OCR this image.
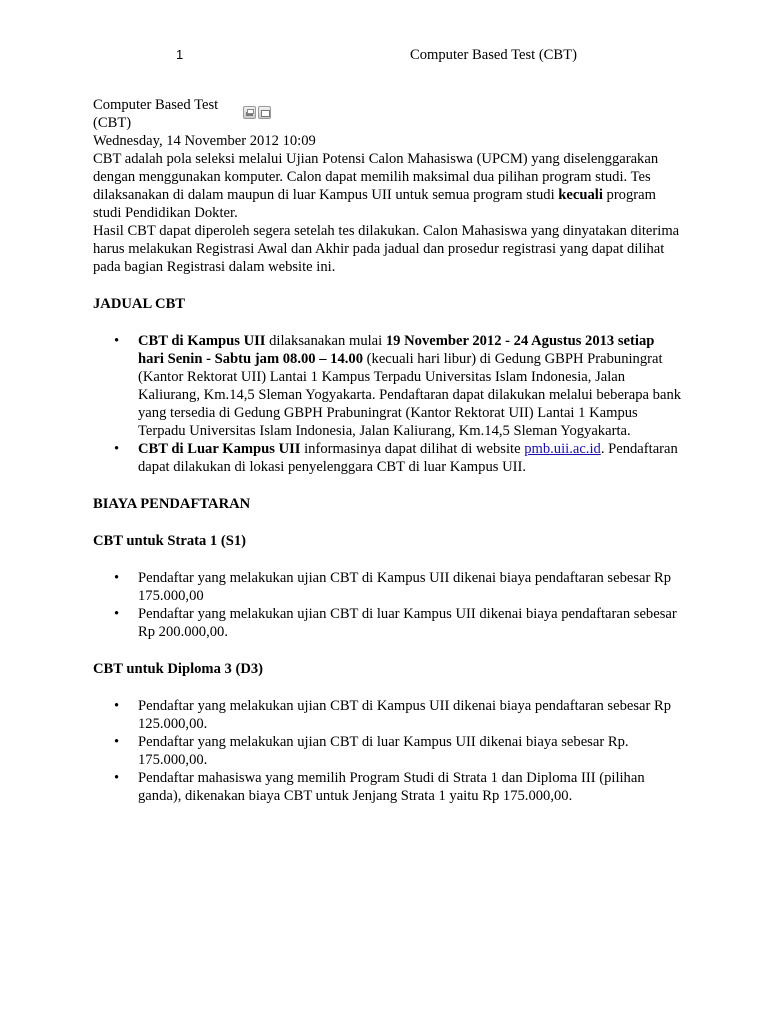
1	Computer Based Test (CBT)
Computer Based Test (CBT)

Wednesday, 14 November 2012 10:09

CBT adalah pola seleksi melalui Ujian Potensi Calon Mahasiswa (UPCM) yang diselenggarakan dengan menggunakan komputer. Calon dapat memilih maksimal dua pilihan program studi. Tes dilaksanakan di dalam maupun di luar Kampus UII untuk semua program studi kecuali program studi Pendidikan Dokter.

Hasil CBT dapat diperoleh segera setelah tes dilakukan. Calon Mahasiswa yang dinyatakan diterima harus melakukan Registrasi Awal dan Akhir pada jadual dan prosedur registrasi yang dapat dilihat pada bagian Registrasi dalam website ini.

JADUAL CBT

• CBT di Kampus UII dilaksanakan mulai 19 November 2012 - 24 Agustus 2013 setiap hari Senin - Sabtu jam 08.00 – 14.00 (kecuali hari libur) di Gedung GBPH Prabuningrat (Kantor Rektorat UII) Lantai 1 Kampus Terpadu Universitas Islam Indonesia, Jalan Kaliurang, Km.14,5 Sleman Yogyakarta. Pendaftaran dapat dilakukan melalui beberapa bank yang tersedia di Gedung GBPH Prabuningrat (Kantor Rektorat UII) Lantai 1 Kampus Terpadu Universitas Islam Indonesia, Jalan Kaliurang, Km.14,5 Sleman Yogyakarta.
• CBT di Luar Kampus UII informasinya dapat dilihat di website pmb.uii.ac.id. Pendaftaran dapat dilakukan di lokasi penyelenggara CBT di luar Kampus UII.

BIAYA PENDAFTARAN

CBT untuk Strata 1 (S1)

• Pendaftar yang melakukan ujian CBT di Kampus UII dikenai biaya pendaftaran sebesar Rp 175.000,00
• Pendaftar yang melakukan ujian CBT di luar Kampus UII dikenai biaya pendaftaran sebesar Rp 200.000,00.

CBT untuk Diploma 3 (D3)

• Pendaftar yang melakukan ujian CBT di Kampus UII dikenai biaya pendaftaran sebesar Rp 125.000,00.
• Pendaftar yang melakukan ujian CBT di luar Kampus UII dikenai biaya sebesar Rp. 175.000,00.
• Pendaftar mahasiswa yang memilih Program Studi di Strata 1 dan Diploma III (pilihan ganda), dikenakan biaya CBT untuk Jenjang Strata 1 yaitu Rp 175.000,00.
